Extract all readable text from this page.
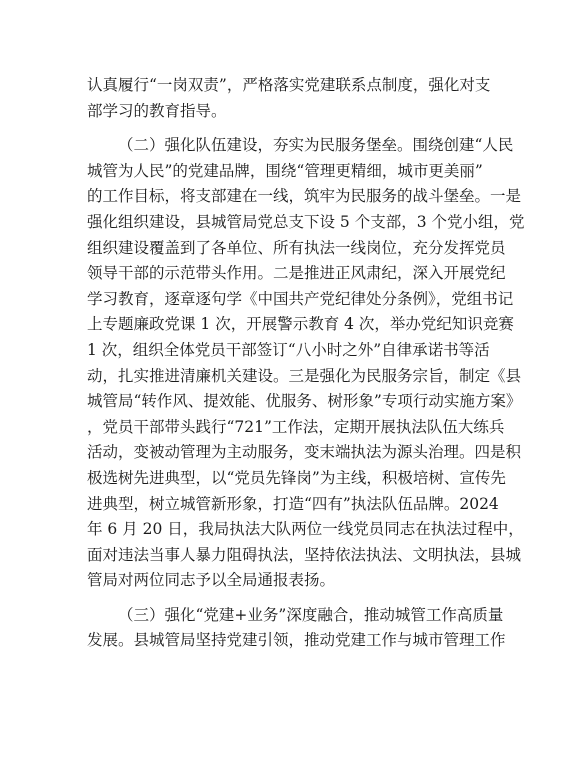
认真履行“一岗双责”，严格落实党建联系点制度，强化对支
部学习的教育指导。
（二）强化队伍建设，夯实为民服务堡垒。围绕创建“人民
城管为人民”的党建品牌，围绕“管理更精细，城市更美丽”
的工作目标，将支部建在一线，筑牢为民服务的战斗堡垒。一是
强化组织建设，县城管局党总支下设 5 个支部，3 个党小组，党
组织建设覆盖到了各单位、所有执法一线岗位，充分发挥党员
领导干部的示范带头作用。二是推进正风肃纪，深入开展党纪
学习教育，逐章逐句学《中国共产党纪律处分条例》，党组书记
上专题廉政党课 1 次，开展警示教育 4 次，举办党纪知识竞赛
1 次，组织全体党员干部签订“八小时之外”自律承诺书等活
动，扎实推进清廉机关建设。三是强化为民服务宗旨，制定《县
城管局“转作风、提效能、优服务、树形象”专项行动实施方案》
，党员干部带头践行“721”工作法，定期开展执法队伍大练兵
活动，变被动管理为主动服务，变末端执法为源头治理。四是积
极选树先进典型，以“党员先锋岗”为主线，积极培树、宣传先
进典型，树立城管新形象，打造“四有”执法队伍品牌。2024
年 6 月 20 日，我局执法大队两位一线党员同志在执法过程中，
面对违法当事人暴力阻碍执法，坚持依法执法、文明执法，县城
管局对两位同志予以全局通报表扬。
（三）强化“党建+业务”深度融合，推动城管工作高质量
发展。县城管局坚持党建引领，推动党建工作与城市管理工作
